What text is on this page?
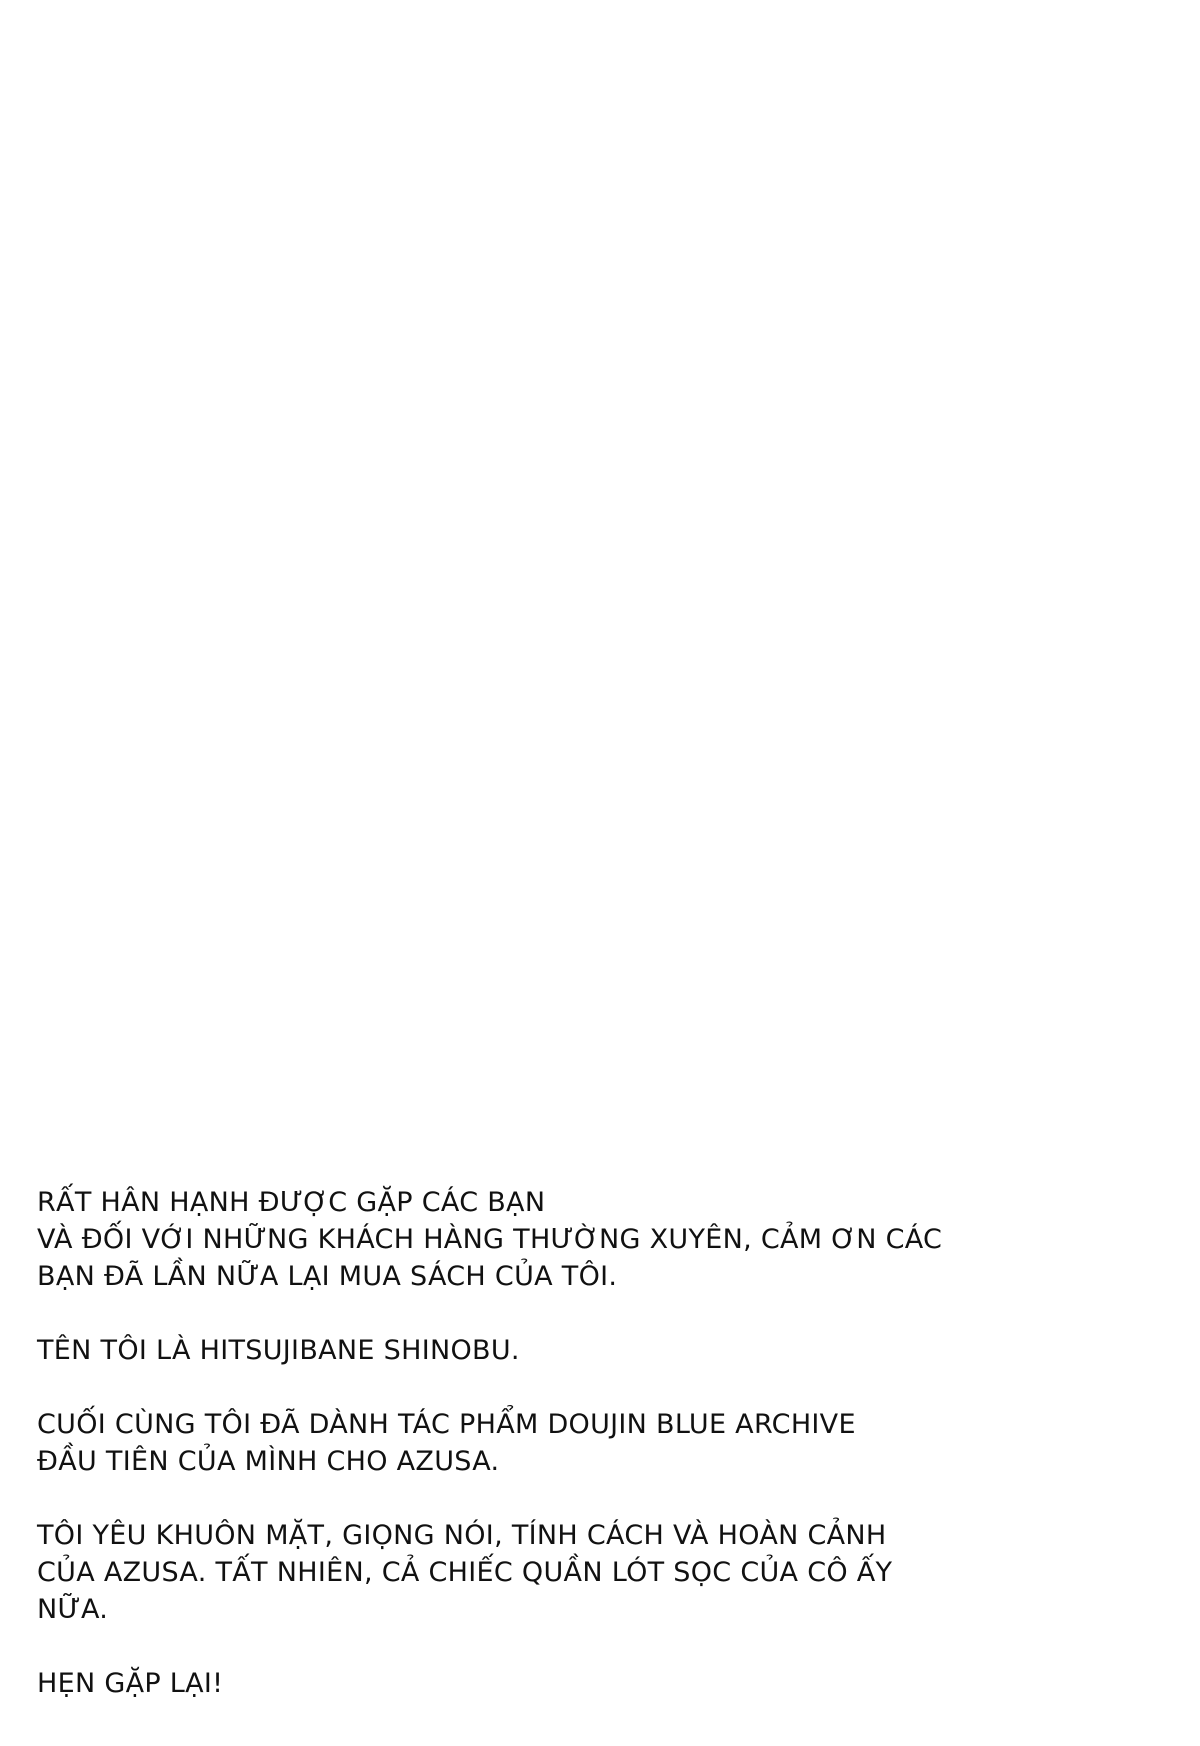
RẤT HÂN HẠNH ĐƯỢC GẶP CÁC BẠN
VÀ ĐỐI VỚI NHỮNG KHÁCH HÀNG THƯỜNG XUYÊN, CẢM ƠN CÁC
BẠN ĐÃ LẦN NỮA LẠI MUA SÁCH CỦA TÔI.

TÊN TÔI LÀ HITSUJIBANE SHINOBU.

CUỐI CÙNG TÔI ĐÃ DÀNH TÁC PHẨM DOUJIN BLUE ARCHIVE
ĐẦU TIÊN CỦA MÌNH CHO AZUSA.

TÔI YÊU KHUÔN MẶT, GIỌNG NÓI, TÍNH CÁCH VÀ HOÀN CẢNH
CỦA AZUSA. TẤT NHIÊN, CẢ CHIẾC QUẦN LÓT SỌC CỦA CÔ ẤY
NỮA.

HẸN GẶP LẠI!
